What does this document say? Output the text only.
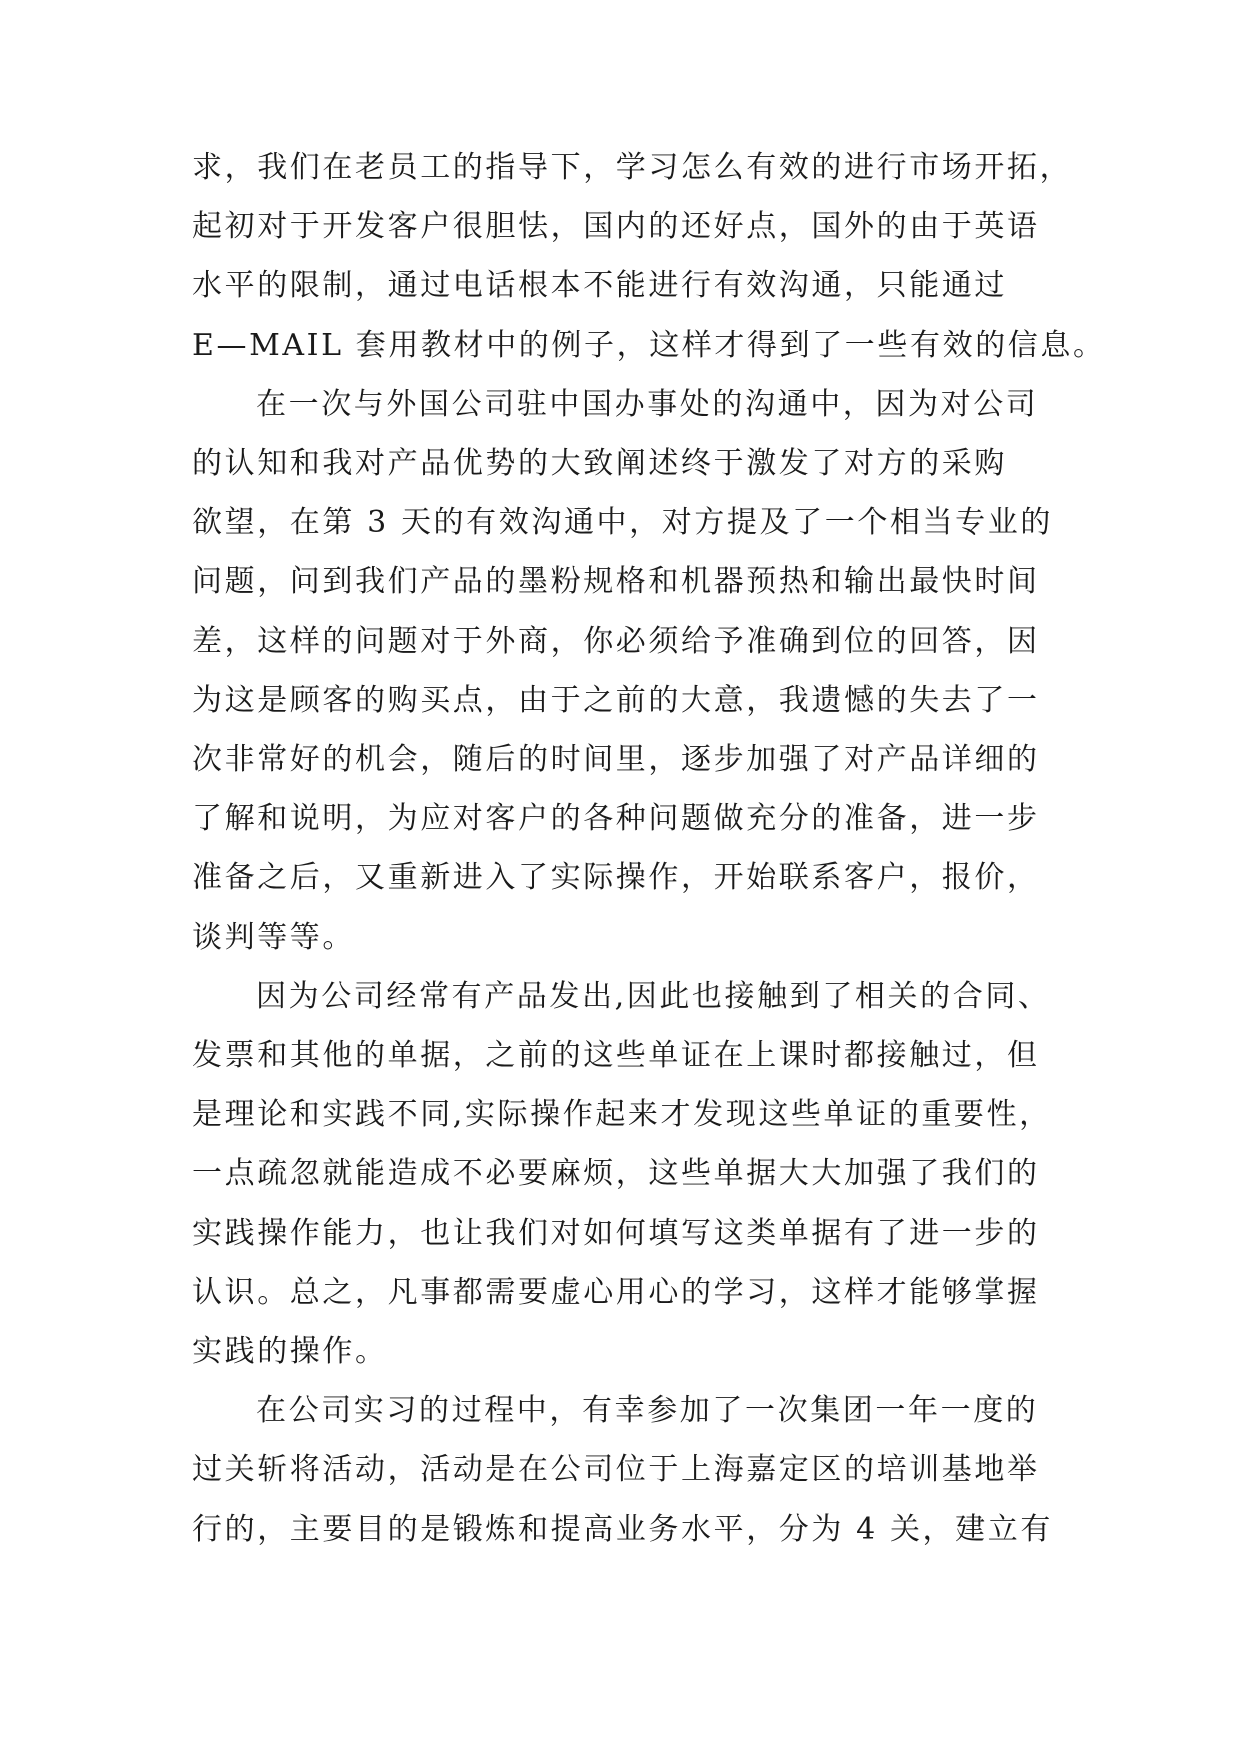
求，我们在老员工的指导下，学习怎么有效的进行市场开拓，
起初对于开发客户很胆怯，国内的还好点，国外的由于英语
水平的限制，通过电话根本不能进行有效沟通，只能通过
E—MAIL 套用教材中的例子，这样才得到了一些有效的信息。
在一次与外国公司驻中国办事处的沟通中，因为对公司
的认知和我对产品优势的大致阐述终于激发了对方的采购
欲望，在第 3 天的有效沟通中，对方提及了一个相当专业的
问题，问到我们产品的墨粉规格和机器预热和输出最快时间
差，这样的问题对于外商，你必须给予准确到位的回答，因
为这是顾客的购买点，由于之前的大意，我遗憾的失去了一
次非常好的机会，随后的时间里，逐步加强了对产品详细的
了解和说明，为应对客户的各种问题做充分的准备，进一步
准备之后，又重新进入了实际操作，开始联系客户，报价，
谈判等等。
因为公司经常有产品发出,因此也接触到了相关的合同、
发票和其他的单据，之前的这些单证在上课时都接触过，但
是理论和实践不同,实际操作起来才发现这些单证的重要性，
一点疏忽就能造成不必要麻烦，这些单据大大加强了我们的
实践操作能力，也让我们对如何填写这类单据有了进一步的
认识。总之，凡事都需要虚心用心的学习，这样才能够掌握
实践的操作。
在公司实习的过程中，有幸参加了一次集团一年一度的
过关斩将活动，活动是在公司位于上海嘉定区的培训基地举
行的，主要目的是锻炼和提高业务水平，分为 4 关，建立有
